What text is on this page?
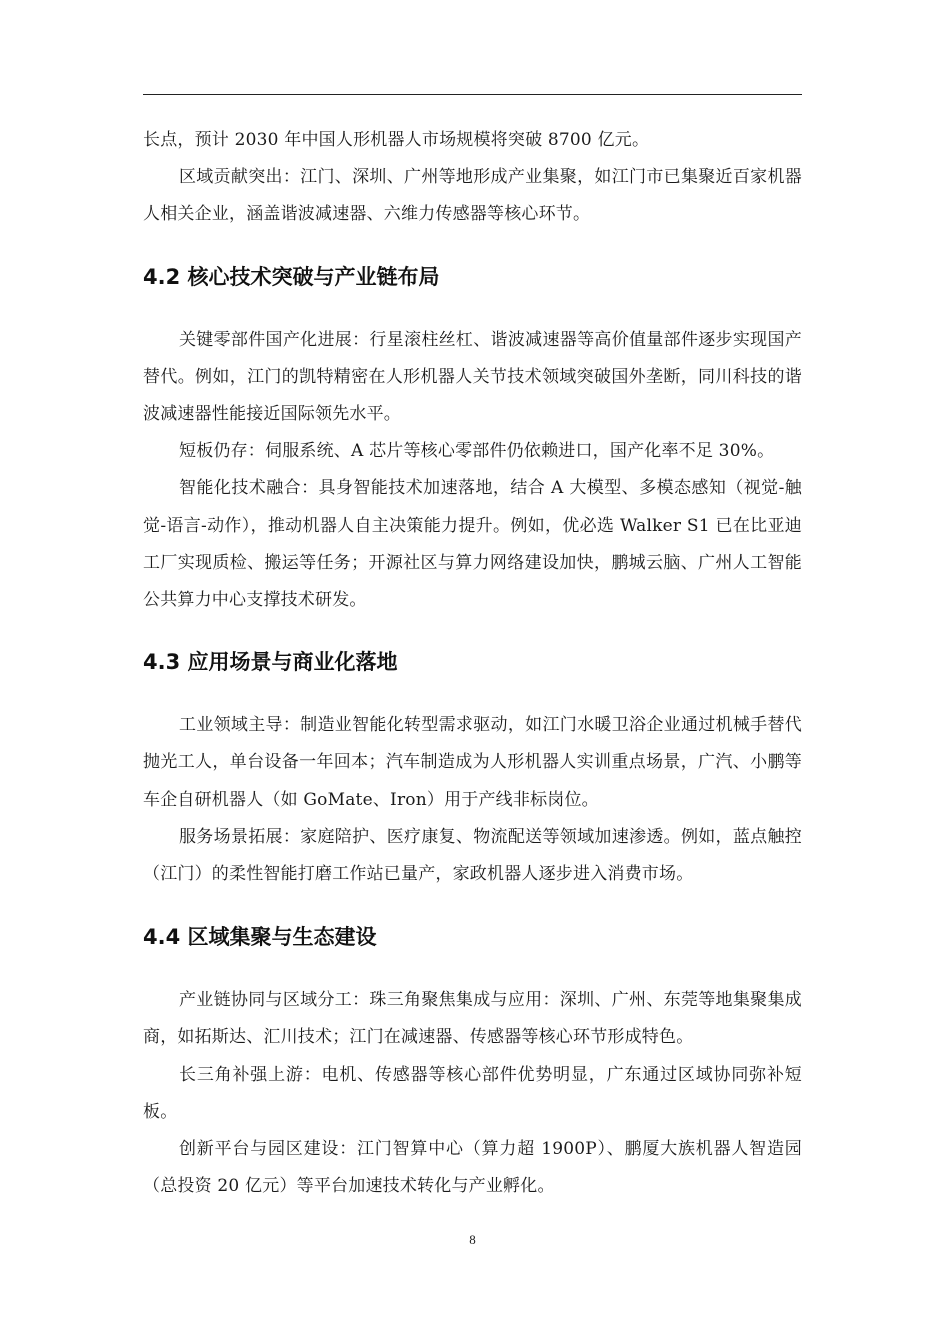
长点，预计 2030 年中国人形机器人市场规模将突破 8700 亿元。

区域贡献突出：江门、深圳、广州等地形成产业集聚，如江门市已集聚近百家机器人相关企业，涵盖谐波减速器、六维力传感器等核心环节。

4.2 核心技术突破与产业链布局

关键零部件国产化进展：行星滚柱丝杠、谐波减速器等高价值量部件逐步实现国产替代。例如，江门的凯特精密在人形机器人关节技术领域突破国外垄断，同川科技的谐波减速器性能接近国际领先水平。

短板仍存：伺服系统、A 芯片等核心零部件仍依赖进口，国产化率不足 30%。

智能化技术融合：具身智能技术加速落地，结合 A 大模型、多模态感知（视觉-触觉-语言-动作），推动机器人自主决策能力提升。例如，优必选 Walker S1 已在比亚迪工厂实现质检、搬运等任务；开源社区与算力网络建设加快，鹏城云脑、广州人工智能公共算力中心支撑技术研发。

4.3 应用场景与商业化落地

工业领域主导：制造业智能化转型需求驱动，如江门水暖卫浴企业通过机械手替代抛光工人，单台设备一年回本；汽车制造成为人形机器人实训重点场景，广汽、小鹏等车企自研机器人（如 GoMate、Iron）用于产线非标岗位。

服务场景拓展：家庭陪护、医疗康复、物流配送等领域加速渗透。例如，蓝点触控（江门）的柔性智能打磨工作站已量产，家政机器人逐步进入消费市场。

4.4 区域集聚与生态建设

产业链协同与区域分工：珠三角聚焦集成与应用：深圳、广州、东莞等地集聚集成商，如拓斯达、汇川技术；江门在减速器、传感器等核心环节形成特色。

长三角补强上游：电机、传感器等核心部件优势明显，广东通过区域协同弥补短板。

创新平台与园区建设：江门智算中心（算力超 1900P）、鹏厦大族机器人智造园（总投资 20 亿元）等平台加速技术转化与产业孵化。

8
